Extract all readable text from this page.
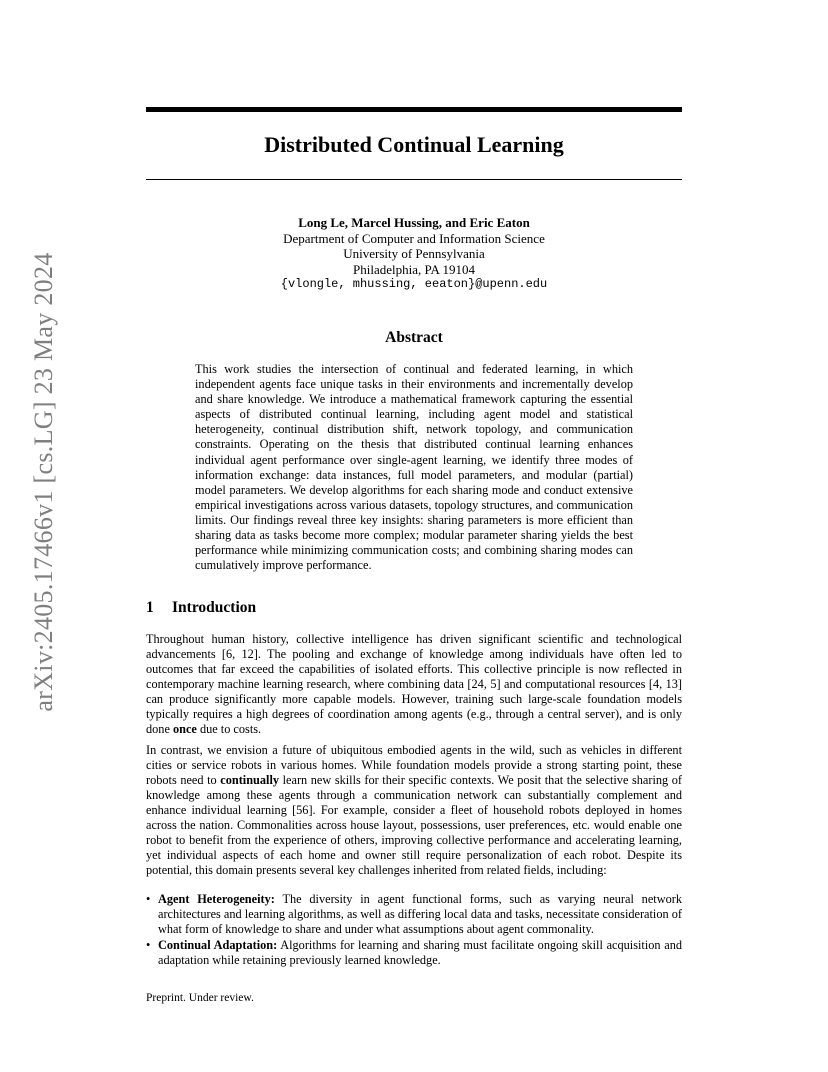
arXiv:2405.17466v1 [cs.LG] 23 May 2024
Distributed Continual Learning
Long Le, Marcel Hussing, and Eric Eaton
Department of Computer and Information Science
University of Pennsylvania
Philadelphia, PA 19104
{vlongle, mhussing, eeaton}@upenn.edu
Abstract

This work studies the intersection of continual and federated learning, in which independent agents face unique tasks in their environments and incrementally develop and share knowledge. We introduce a mathematical framework capturing the essential aspects of distributed continual learning, including agent model and statistical heterogeneity, continual distribution shift, network topology, and communication constraints. Operating on the thesis that distributed continual learning enhances individual agent performance over single-agent learning, we identify three modes of information exchange: data instances, full model parameters, and modular (partial) model parameters. We develop algorithms for each sharing mode and conduct extensive empirical investigations across various datasets, topology structures, and communication limits. Our findings reveal three key insights: sharing parameters is more efficient than sharing data as tasks become more complex; modular parameter sharing yields the best performance while minimizing communication costs; and combining sharing modes can cumulatively improve performance.

1 Introduction

Throughout human history, collective intelligence has driven significant scientific and technological advancements [6, 12]. The pooling and exchange of knowledge among individuals have often led to outcomes that far exceed the capabilities of isolated efforts. This collective principle is now reflected in contemporary machine learning research, where combining data [24, 5] and computational resources [4, 13] can produce significantly more capable models. However, training such large-scale foundation models typically requires a high degrees of coordination among agents (e.g., through a central server), and is only done once due to costs.

In contrast, we envision a future of ubiquitous embodied agents in the wild, such as vehicles in different cities or service robots in various homes. While foundation models provide a strong starting point, these robots need to continually learn new skills for their specific contexts. We posit that the selective sharing of knowledge among these agents through a communication network can substantially complement and enhance individual learning [56]. For example, consider a fleet of household robots deployed in homes across the nation. Commonalities across house layout, possessions, user preferences, etc. would enable one robot to benefit from the experience of others, improving collective performance and accelerating learning, yet individual aspects of each home and owner still require personalization of each robot. Despite its potential, this domain presents several key challenges inherited from related fields, including:

• Agent Heterogeneity: The diversity in agent functional forms, such as varying neural network architectures and learning algorithms, as well as differing local data and tasks, necessitate consideration of what form of knowledge to share and under what assumptions about agent commonality.
• Continual Adaptation: Algorithms for learning and sharing must facilitate ongoing skill acquisition and adaptation while retaining previously learned knowledge.
Preprint. Under review.
